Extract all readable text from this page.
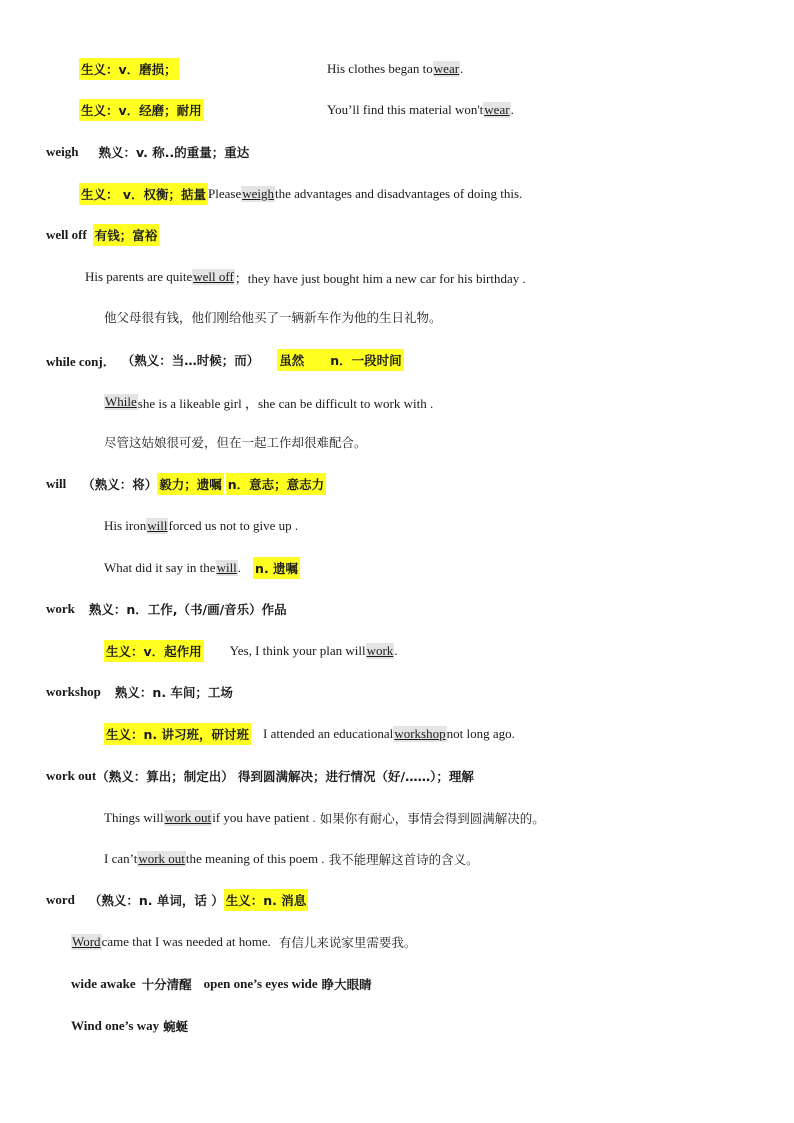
生义：v．磨损；	His clothes began to wear .
生义：v．经磨；耐用	You’ll find this material won't wear .
weigh 熟义：v. 称..的重量；重达
生义： v．权衡；掂量 Please weigh the advantages and disadvantages of doing this.
well off 有钱；富裕
His parents are quite well off ；they have just bought him a new car for his birthday .
他父母很有钱，他们刚给他买了一辆新车作为他的生日礼物。
while conj． （熟义：当…时候；而） 虽然	n．一段时间
While she is a likeable girl ，she can be difficult to work with .
尽管这姑娘很可爱，但在一起工作却很难配合。
will （熟义：将） 毅力；遗嘱 n．意志；意志力
His iron will forced us not to give up .
What did it say in the will . n. 遗嘱
work 熟义：n．工作,（书/画/音乐）作品
生义：v．起作用 Yes, I think your plan will work .
workshop 熟义：n. 车间；工场
生义：n. 讲习班，研讨班 I attended an educational workshop not long ago.
work out （熟义：算出；制定出） 得到圆满解决；进行情况（好/……）；理解
Things will work out if you have patient . 如果你有耐心，事情会得到圆满解决的。
I can’t work out the meaning of this poem . 我不能理解这首诗的含义。
word （熟义：n. 单词，话 ） 生义：n. 消息
Word came that I was needed at home. 有信儿来说家里需要我。
wide awake 十分清醒 open one’s eyes wide 睁大眼睛
Wind one’s way 蜿蜒
